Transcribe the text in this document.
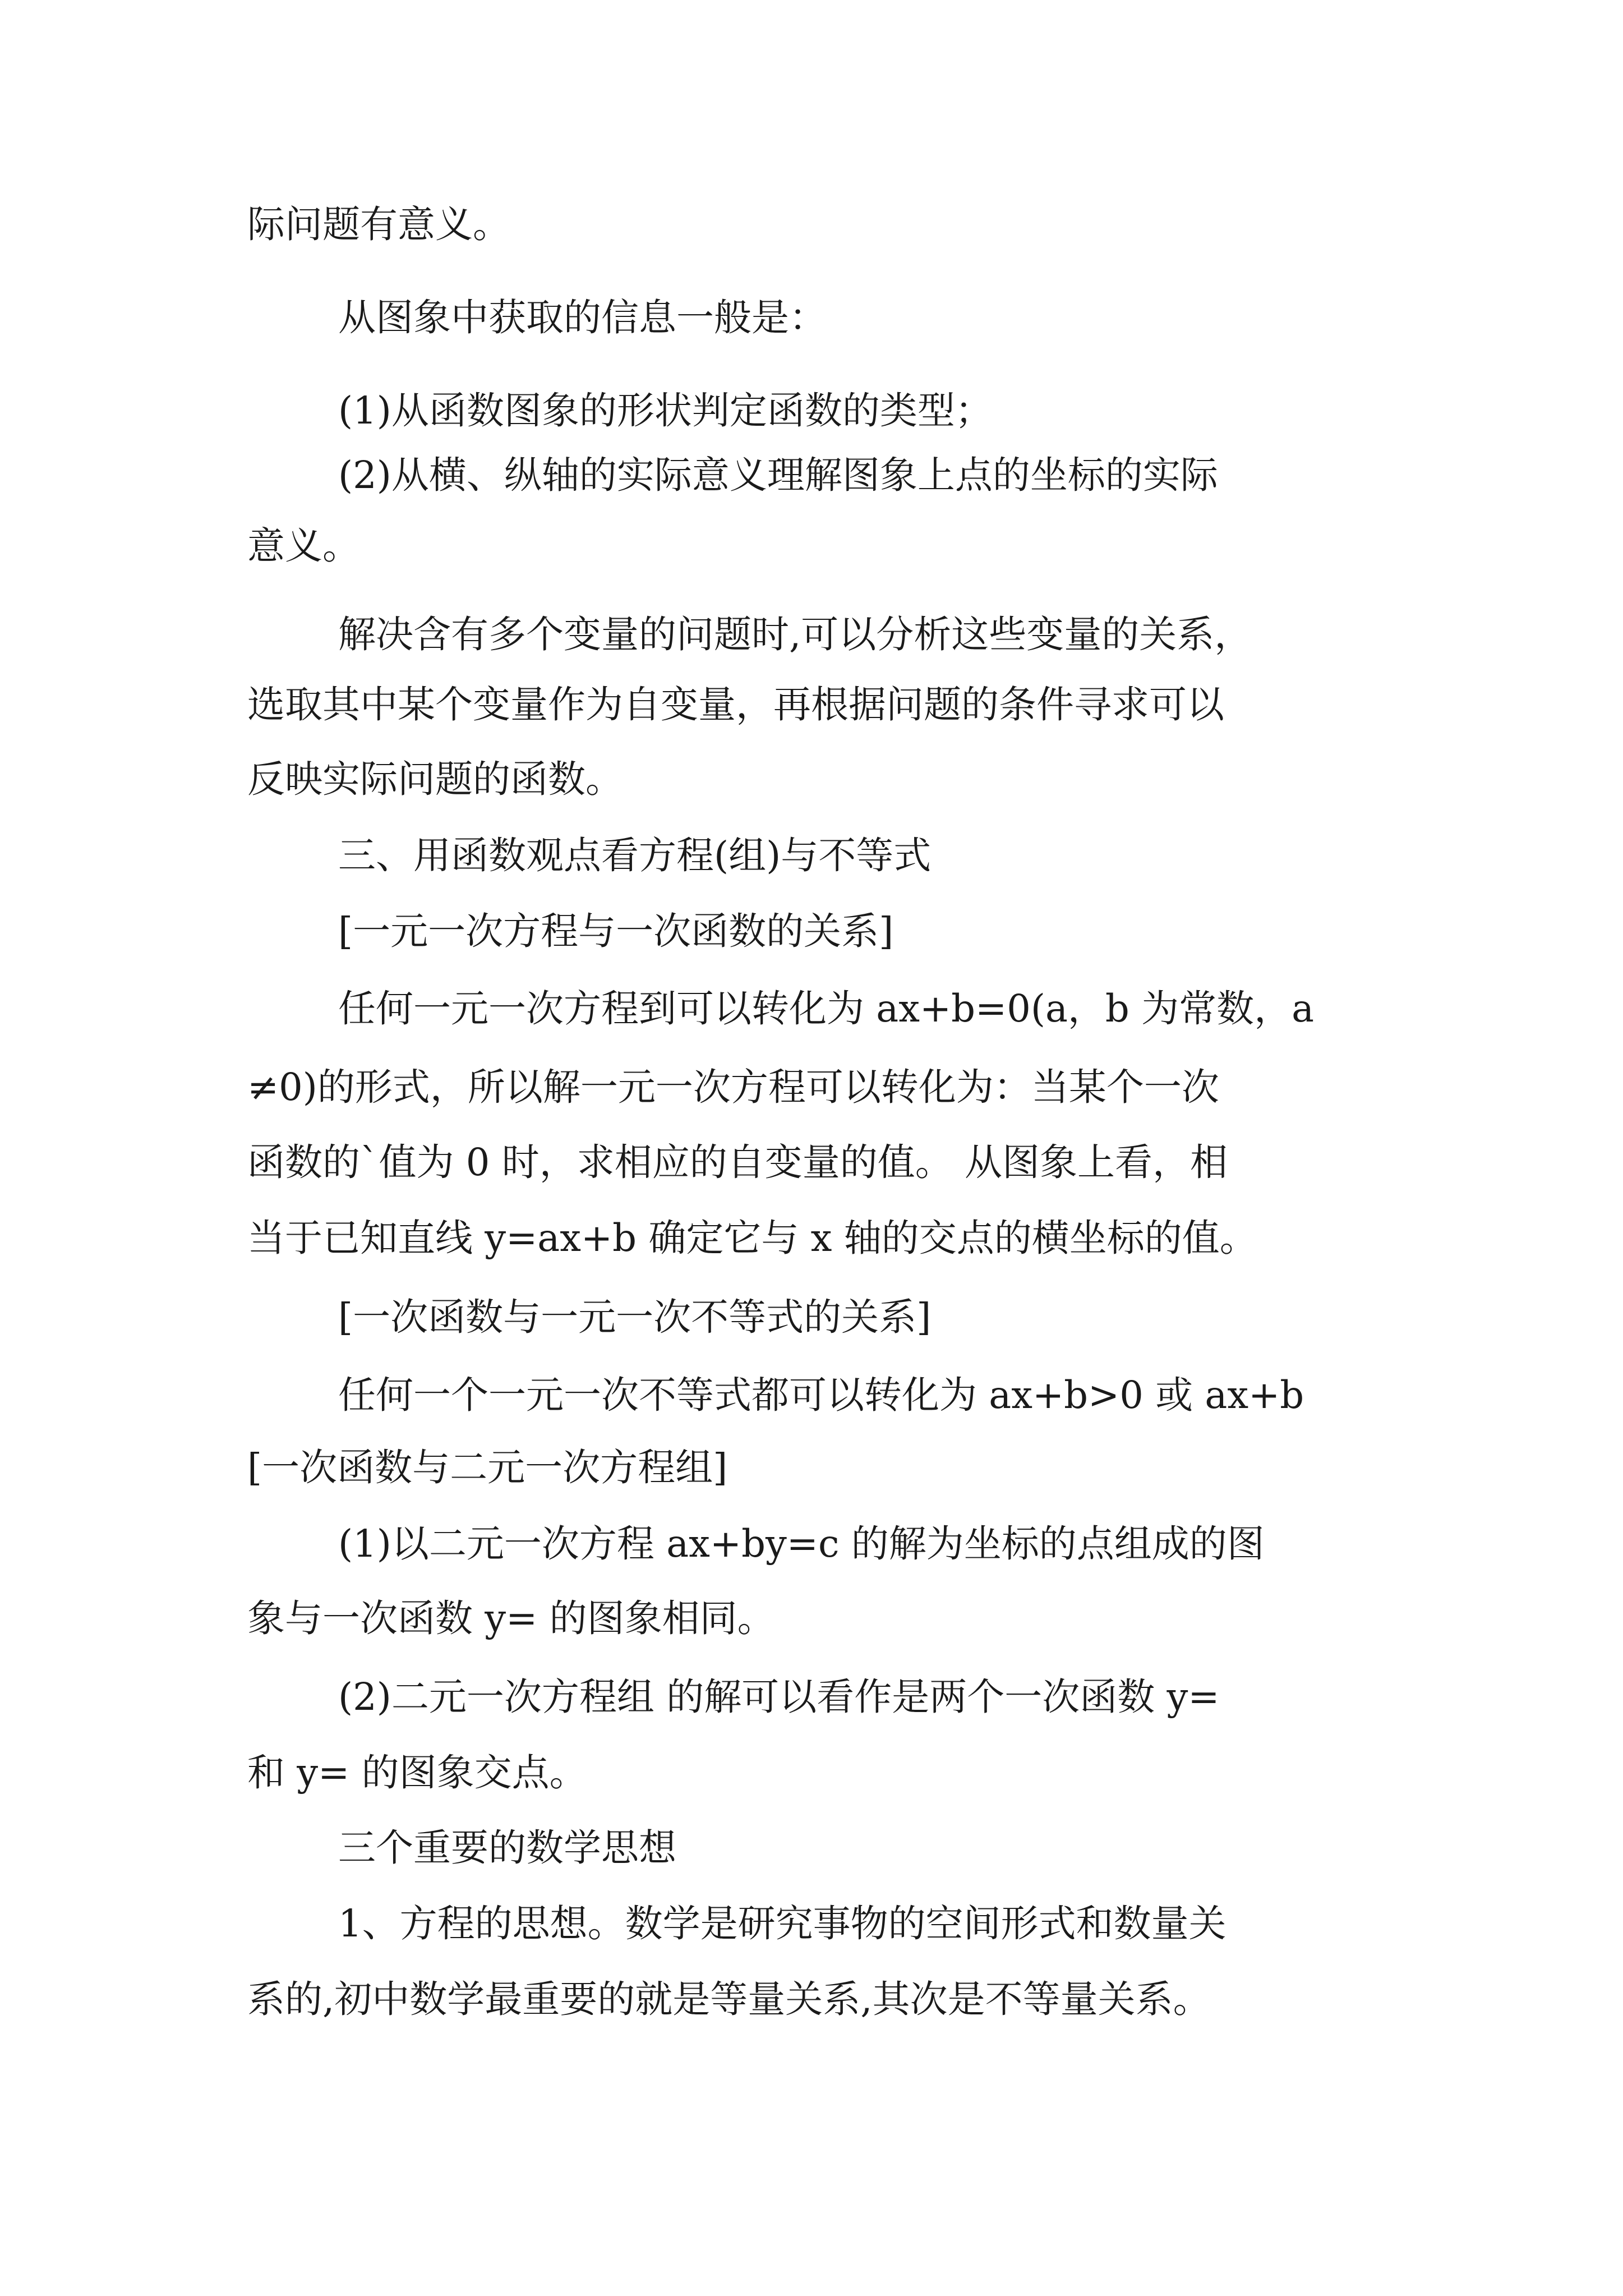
际问题有意义。
从图象中获取的信息一般是：
(1)从函数图象的形状判定函数的类型；
(2)从横、纵轴的实际意义理解图象上点的坐标的实际
意义。
解决含有多个变量的问题时,可以分析这些变量的关系，
选取其中某个变量作为自变量，再根据问题的条件寻求可以
反映实际问题的函数。
三、用函数观点看方程(组)与不等式
[一元一次方程与一次函数的关系]
任何一元一次方程到可以转化为 ax+b=0(a，b 为常数，a
≠0)的形式，所以解一元一次方程可以转化为：当某个一次
函数的`值为 0 时，求相应的自变量的值。 从图象上看，相
当于已知直线 y=ax+b 确定它与 x 轴的交点的横坐标的值。
[一次函数与一元一次不等式的关系]
任何一个一元一次不等式都可以转化为 ax+b>0 或 ax+b
[一次函数与二元一次方程组]
(1)以二元一次方程 ax+by=c 的解为坐标的点组成的图
象与一次函数 y= 的图象相同。
(2)二元一次方程组 的解可以看作是两个一次函数 y=
和 y= 的图象交点。
三个重要的数学思想
1、方程的思想。数学是研究事物的空间形式和数量关
系的,初中数学最重要的就是等量关系,其次是不等量关系。
